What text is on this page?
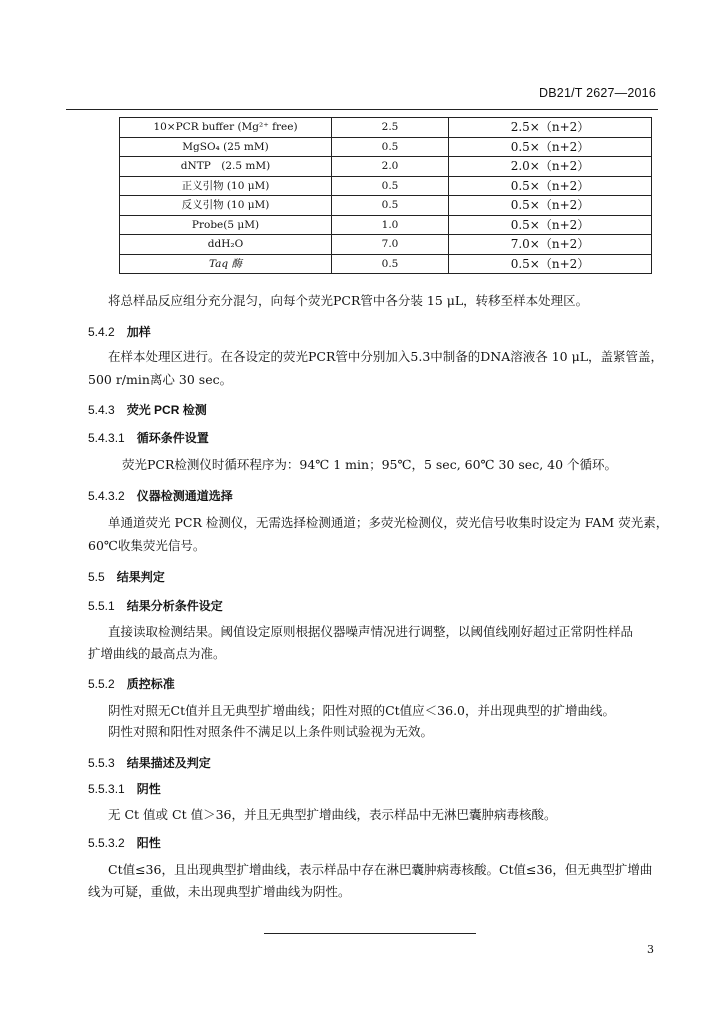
DB21/T 2627—2016
10×PCR buffer (Mg²⁺ free)	2.5	2.5×（n+2）
MgSO₄ (25 mM)	0.5	0.5×（n+2）
dNTP　(2.5 mM)	2.0	2.0×（n+2）
正义引物 (10 μM)	0.5	0.5×（n+2）
反义引物 (10 μM)	0.5	0.5×（n+2）
Probe(5 μM)	1.0	0.5×（n+2）
ddH₂O	7.0	7.0×（n+2）
Taq 酶	0.5	0.5×（n+2）
将总样品反应组分充分混匀，向每个荧光PCR管中各分装 15 μL，转移至样本处理区。
5.4.2 加样
在样本处理区进行。在各设定的荧光PCR管中分别加入5.3中制备的DNA溶液各 10 μL，盖紧管盖，
500 r/min离心 30 sec。
5.4.3 荧光 PCR 检测
5.4.3.1 循环条件设置
荧光PCR检测仪时循环程序为：94℃ 1 min；95℃，5 sec, 60℃ 30 sec, 40 个循环。
5.4.3.2 仪器检测通道选择
单通道荧光 PCR 检测仪，无需选择检测通道；多荧光检测仪，荧光信号收集时设定为 FAM 荧光素，
60℃收集荧光信号。
5.5 结果判定
5.5.1 结果分析条件设定
直接读取检测结果。阈值设定原则根据仪器噪声情况进行调整，以阈值线刚好超过正常阴性样品
扩增曲线的最高点为准。
5.5.2 质控标准
阴性对照无Ct值并且无典型扩增曲线；阳性对照的Ct值应＜36.0，并出现典型的扩增曲线。
阴性对照和阳性对照条件不满足以上条件则试验视为无效。
5.5.3 结果描述及判定
5.5.3.1 阴性
无 Ct 值或 Ct 值＞36，并且无典型扩增曲线，表示样品中无淋巴囊肿病毒核酸。
5.5.3.2 阳性
Ct值≤36，且出现典型扩增曲线，表示样品中存在淋巴囊肿病毒核酸。Ct值≤36，但无典型扩增曲
线为可疑，重做，未出现典型扩增曲线为阴性。
3
